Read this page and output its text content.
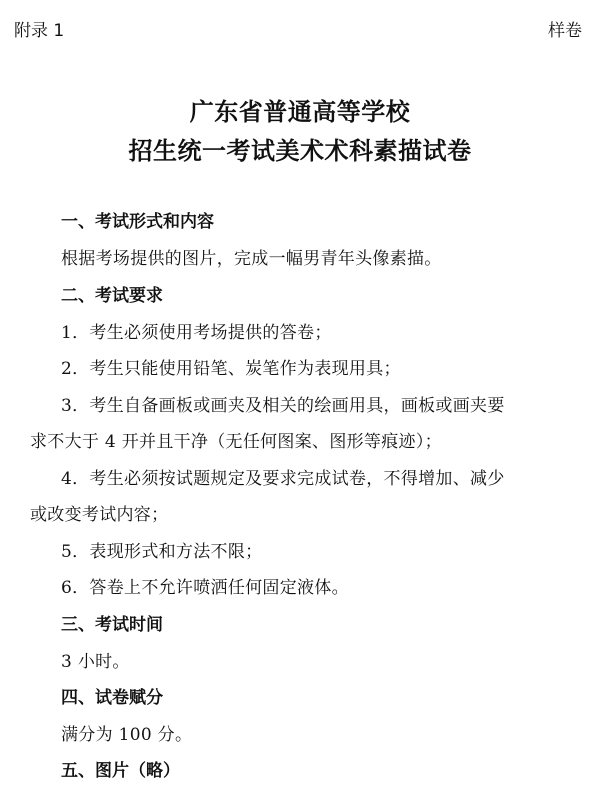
附录 1	样卷
广东省普通高等学校
招生统一考试美术术科素描试卷
一、考试形式和内容
根据考场提供的图片，完成一幅男青年头像素描。
二、考试要求
1．考生必须使用考场提供的答卷；
2．考生只能使用铅笔、炭笔作为表现用具；
3．考生自备画板或画夹及相关的绘画用具，画板或画夹要
求不大于 4 开并且干净（无任何图案、图形等痕迹）；
4．考生必须按试题规定及要求完成试卷，不得增加、减少
或改变考试内容；
5．表现形式和方法不限；
6．答卷上不允许喷洒任何固定液体。
三、考试时间
3 小时。
四、试卷赋分
满分为 100 分。
五、图片（略）
